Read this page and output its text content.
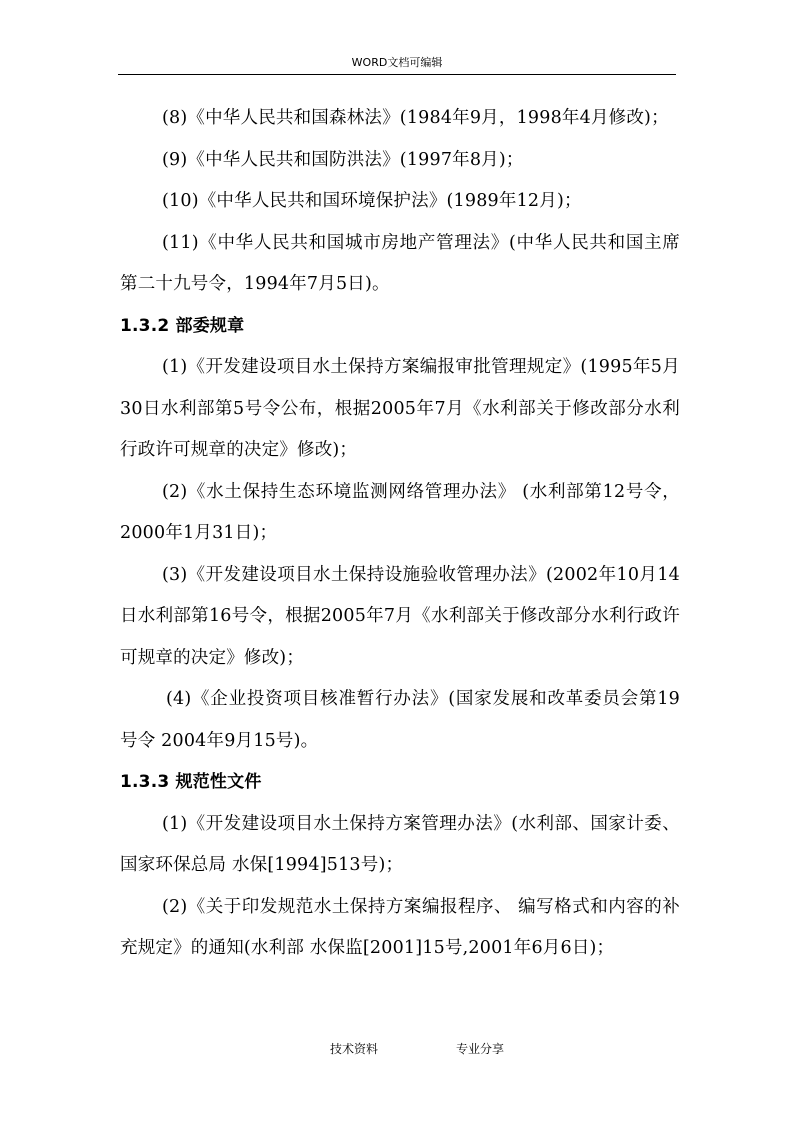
WORD文档可编辑

(8)《中华人民共和国森林法》(1984年9月，1998年4月修改)；

(9)《中华人民共和国防洪法》(1997年8月)；

(10)《中华人民共和国环境保护法》(1989年12月)；

(11)《中华人民共和国城市房地产管理法》(中华人民共和国主席第二十九号令，1994年7月5日)。

1.3.2 部委规章

(1)《开发建设项目水土保持方案编报审批管理规定》(1995年5月30日水利部第5号令公布，根据2005年7月《水利部关于修改部分水利行政许可规章的决定》修改)；

(2)《水土保持生态环境监测网络管理办法》 (水利部第12号令，2000年1月31日)；

(3)《开发建设项目水土保持设施验收管理办法》(2002年10月14日水利部第16号令，根据2005年7月《水利部关于修改部分水利行政许可规章的决定》修改)；

(4)《企业投资项目核准暂行办法》(国家发展和改革委员会第19号令 2004年9月15号)。

1.3.3 规范性文件

(1)《开发建设项目水土保持方案管理办法》(水利部、国家计委、国家环保总局 水保[1994]513号)；

(2)《关于印发规范水土保持方案编报程序、 编写格式和内容的补充规定》的通知(水利部 水保监[2001]15号,2001年6月6日)；

技术资料	专业分享
